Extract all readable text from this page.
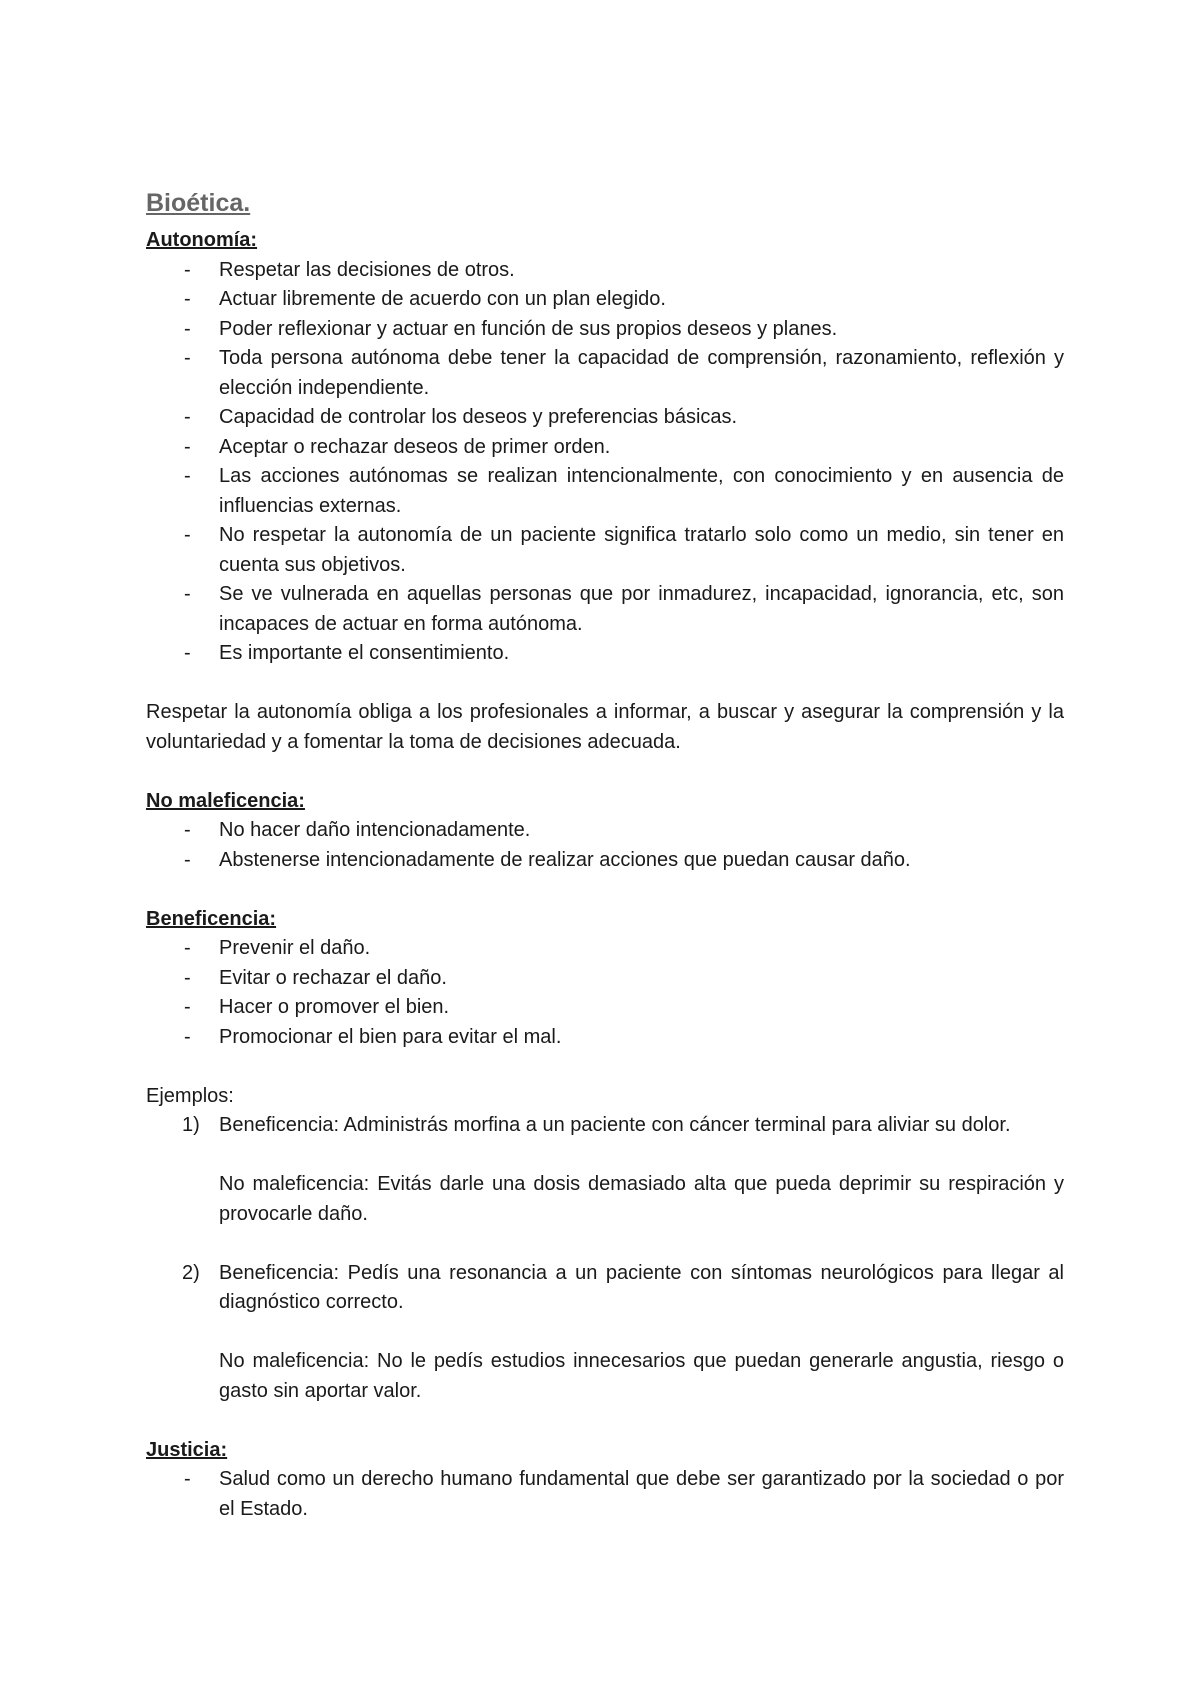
Bioética.
Autonomía:
- Respetar las decisiones de otros.
- Actuar libremente de acuerdo con un plan elegido.
- Poder reflexionar y actuar en función de sus propios deseos y planes.
- Toda persona autónoma debe tener la capacidad de comprensión, razonamiento, reflexión y elección independiente.
- Capacidad de controlar los deseos y preferencias básicas.
- Aceptar o rechazar deseos de primer orden.
- Las acciones autónomas se realizan intencionalmente, con conocimiento y en ausencia de influencias externas.
- No respetar la autonomía de un paciente significa tratarlo solo como un medio, sin tener en cuenta sus objetivos.
- Se ve vulnerada en aquellas personas que por inmadurez, incapacidad, ignorancia, etc, son incapaces de actuar en forma autónoma.
- Es importante el consentimiento.

Respetar la autonomía obliga a los profesionales a informar, a buscar y asegurar la comprensión y la voluntariedad y a fomentar la toma de decisiones adecuada.

No maleficencia:
- No hacer daño intencionadamente.
- Abstenerse intencionadamente de realizar acciones que puedan causar daño.
Beneficencia:
- Prevenir el daño.
- Evitar o rechazar el daño.
- Hacer o promover el bien.
- Promocionar el bien para evitar el mal.
Ejemplos:
1) Beneficencia: Administrás morfina a un paciente con cáncer terminal para aliviar su dolor.

No maleficencia: Evitás darle una dosis demasiado alta que pueda deprimir su respiración y provocarle daño.

2) Beneficencia: Pedís una resonancia a un paciente con síntomas neurológicos para llegar al diagnóstico correcto.

No maleficencia: No le pedís estudios innecesarios que puedan generarle angustia, riesgo o gasto sin aportar valor.

Justicia:
- Salud como un derecho humano fundamental que debe ser garantizado por la sociedad o por el Estado.
